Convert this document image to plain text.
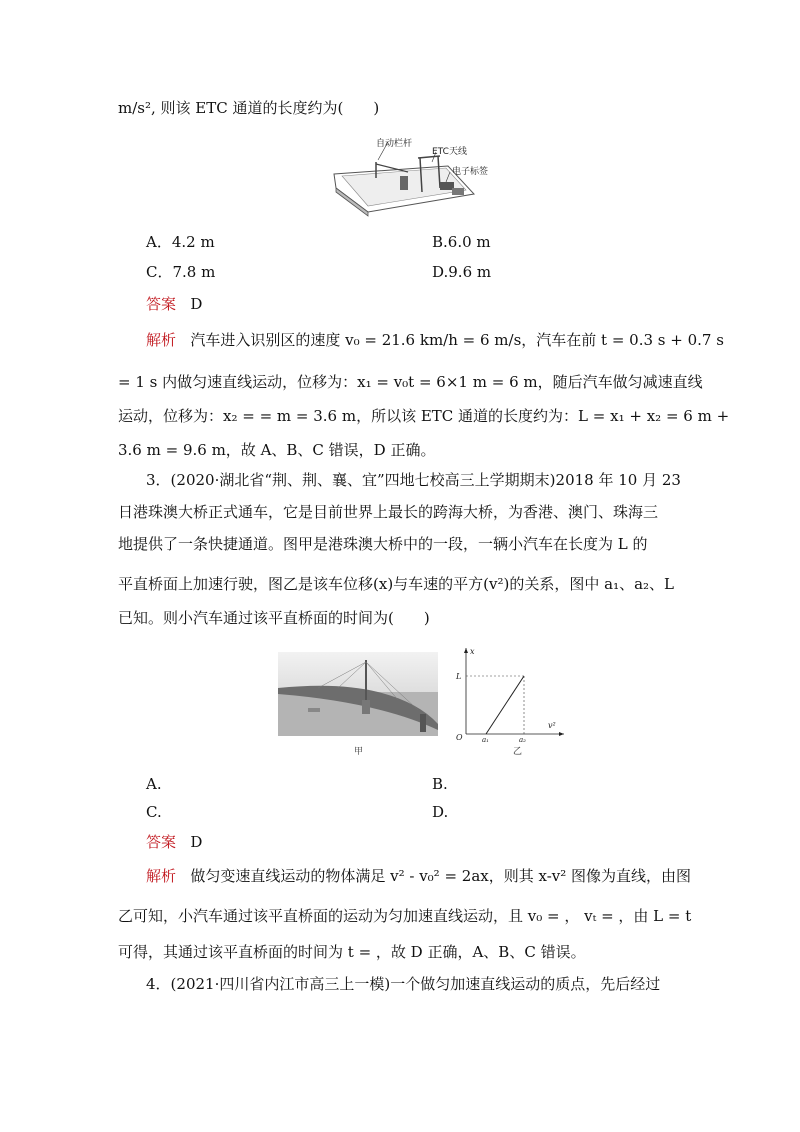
m/s², 则该 ETC 通道的长度约为(　　)
自动栏杆
ETC天线
电子标签
A．4.2 m	B.6.0 m
C．7.8 m	D.9.6 m
答案 D
解析 汽车进入识别区的速度 v₀ = 21.6 km/h = 6 m/s，汽车在前 t = 0.3 s + 0.7 s
= 1 s 内做匀速直线运动，位移为：x₁ = v₀t = 6×1 m = 6 m，随后汽车做匀减速直线
运动，位移为：x₂ = = m = 3.6 m，所以该 ETC 通道的长度约为：L = x₁ + x₂ = 6 m +
3.6 m = 9.6 m，故 A、B、C 错误，D 正确。
3．(2020·湖北省“荆、荆、襄、宜”四地七校高三上学期期末)2018 年 10 月 23
日港珠澳大桥正式通车，它是目前世界上最长的跨海大桥，为香港、澳门、珠海三
地提供了一条快捷通道。图甲是港珠澳大桥中的一段，一辆小汽车在长度为 L 的
平直桥面上加速行驶，图乙是该车位移(x)与车速的平方(v²)的关系，图中 a₁、a₂、L
已知。则小汽车通过该平直桥面的时间为(　　)
甲
x
v²
O
L
a₁	a₂
乙
A.	B.
C.	D.
答案 D
解析 做匀变速直线运动的物体满足 v² - v₀² = 2ax，则其 x-v² 图像为直线，由图
乙可知，小汽车通过该平直桥面的运动为匀加速直线运动，且 v₀ = ， vₜ = ，由 L = t
可得，其通过该平直桥面的时间为 t = ，故 D 正确，A、B、C 错误。
4．(2021·四川省内江市高三上一模)一个做匀加速直线运动的质点，先后经过
